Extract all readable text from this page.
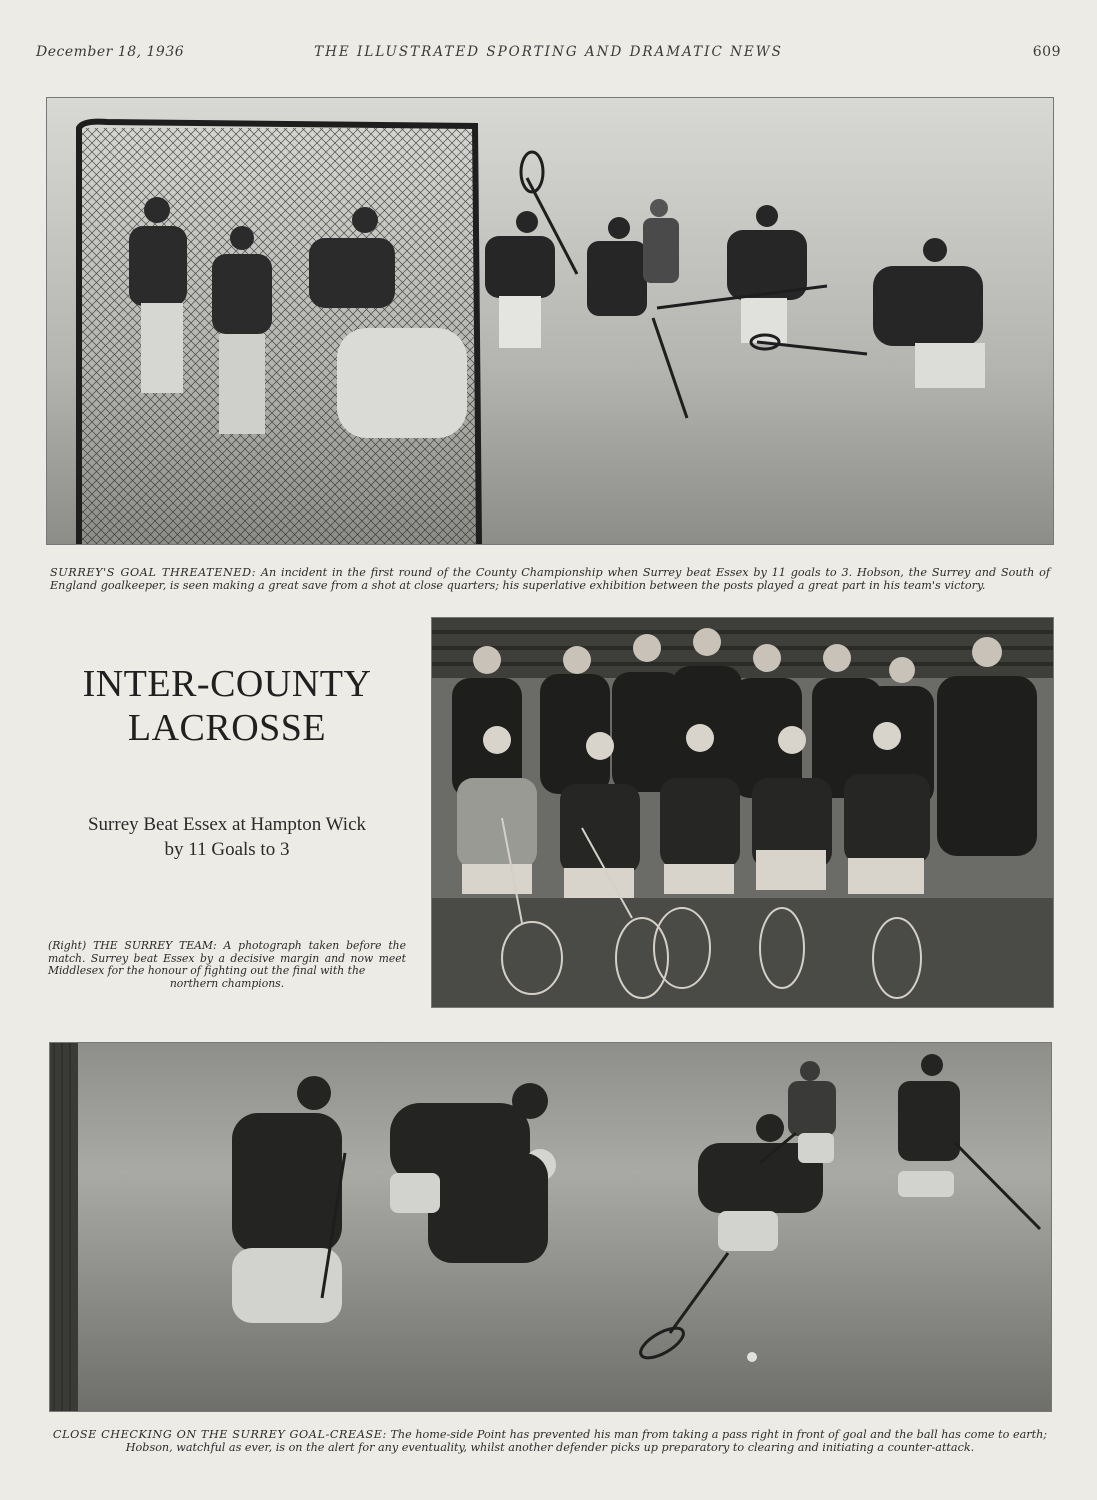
December 18, 1936	THE ILLUSTRATED SPORTING AND DRAMATIC NEWS	609
SURREY'S GOAL THREATENED: An incident in the first round of the County Championship when Surrey beat Essex by 11 goals to 3. Hobson, the Surrey and South of England goalkeeper, is seen making a great save from a shot at close quarters; his superlative exhibition between the posts played a great part in his team's victory.
INTER-COUNTY
LACROSSE
Surrey Beat Essex at Hampton Wick
by 11 Goals to 3
(Right) THE SURREY TEAM: A photograph taken before the match. Surrey beat Essex by a decisive margin and now meet Middlesex for the honour of fighting out the final with the
northern champions.
CLOSE CHECKING ON THE SURREY GOAL-CREASE: The home-side Point has prevented his man from taking a pass right in front of goal and the ball has come to earth; Hobson, watchful as ever, is on the alert for any eventuality, whilst another defender picks up preparatory to clearing and initiating a counter-attack.
